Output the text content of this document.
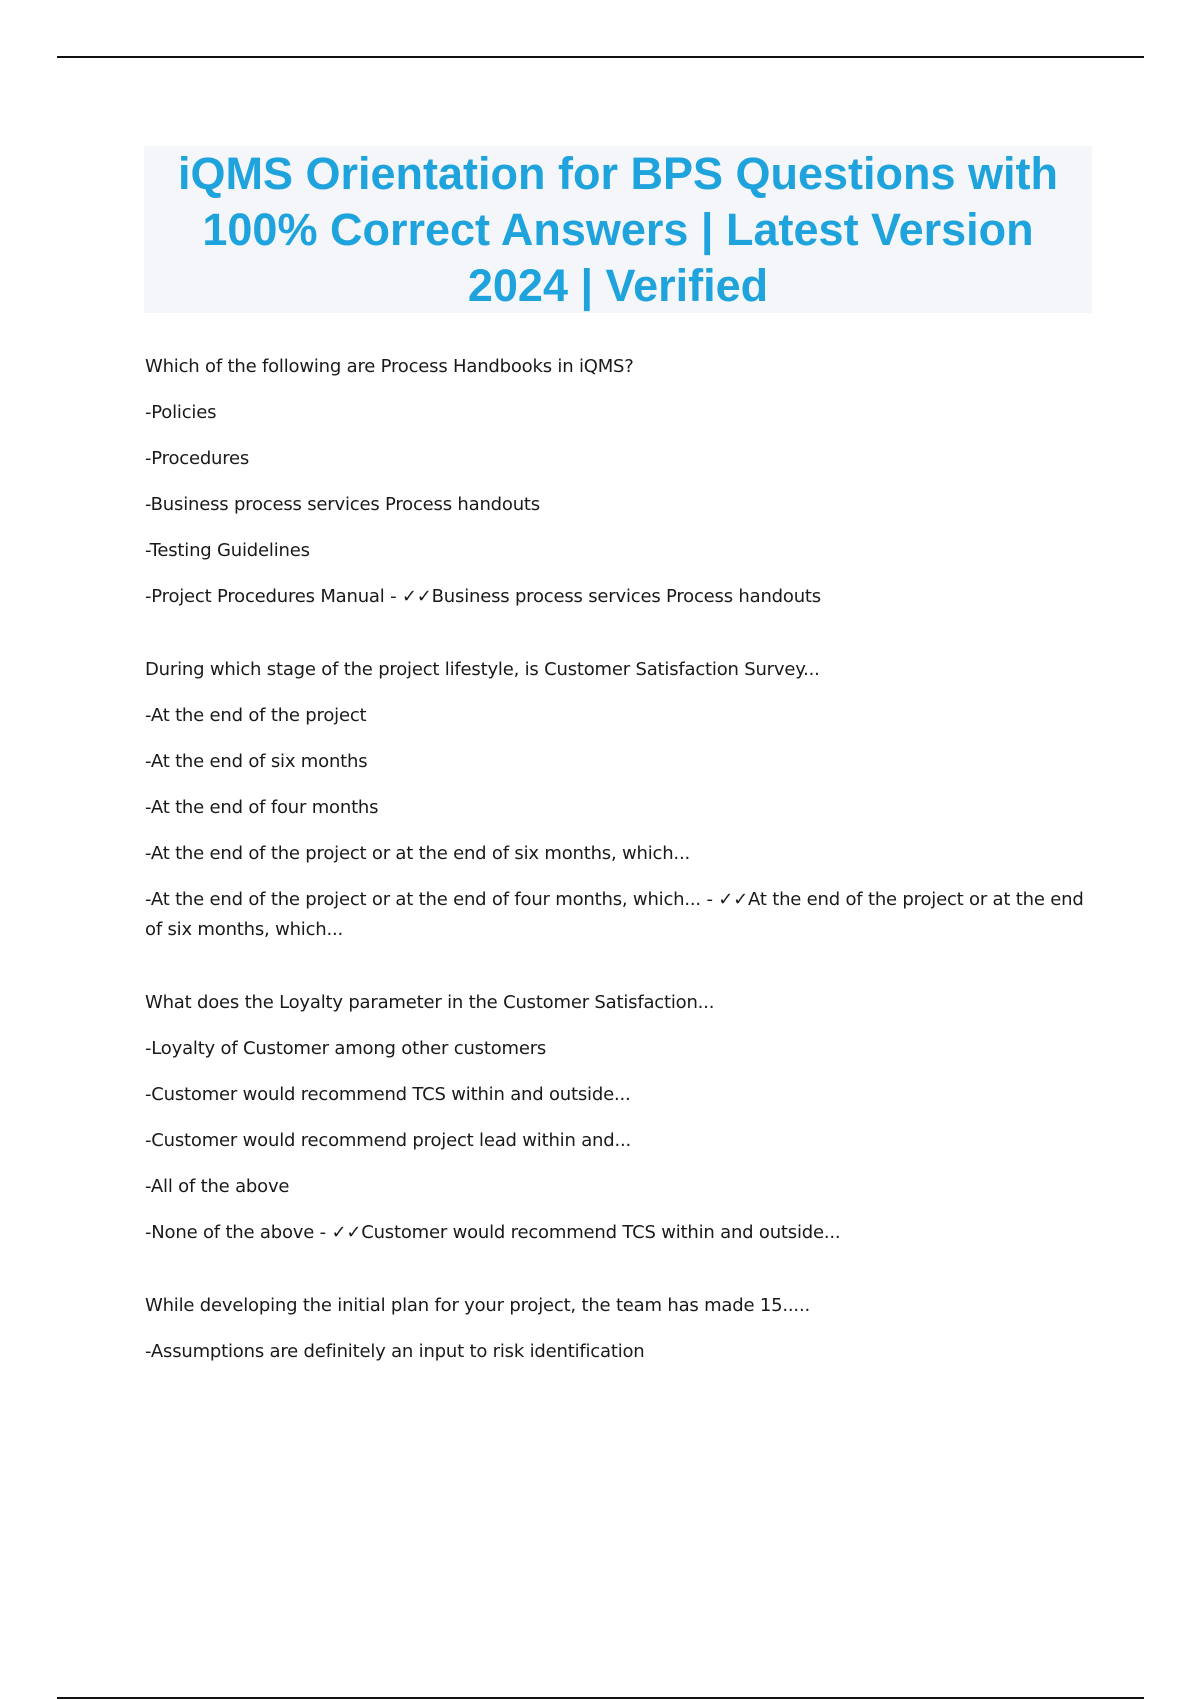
iQMS Orientation for BPS Questions with 100% Correct Answers | Latest Version 2024 | Verified

Which of the following are Process Handbooks in iQMS?

-Policies

-Procedures

-Business process services Process handouts

-Testing Guidelines

-Project Procedures Manual - ✓✓Business process services Process handouts

During which stage of the project lifestyle, is Customer Satisfaction Survey...

-At the end of the project

-At the end of six months

-At the end of four months

-At the end of the project or at the end of six months, which...

-At the end of the project or at the end of four months, which... - ✓✓At the end of the project or at the end of six months, which...

What does the Loyalty parameter in the Customer Satisfaction...

-Loyalty of Customer among other customers

-Customer would recommend TCS within and outside...

-Customer would recommend project lead within and...

-All of the above

-None of the above - ✓✓Customer would recommend TCS within and outside...

While developing the initial plan for your project, the team has made 15.....

-Assumptions are definitely an input to risk identification
